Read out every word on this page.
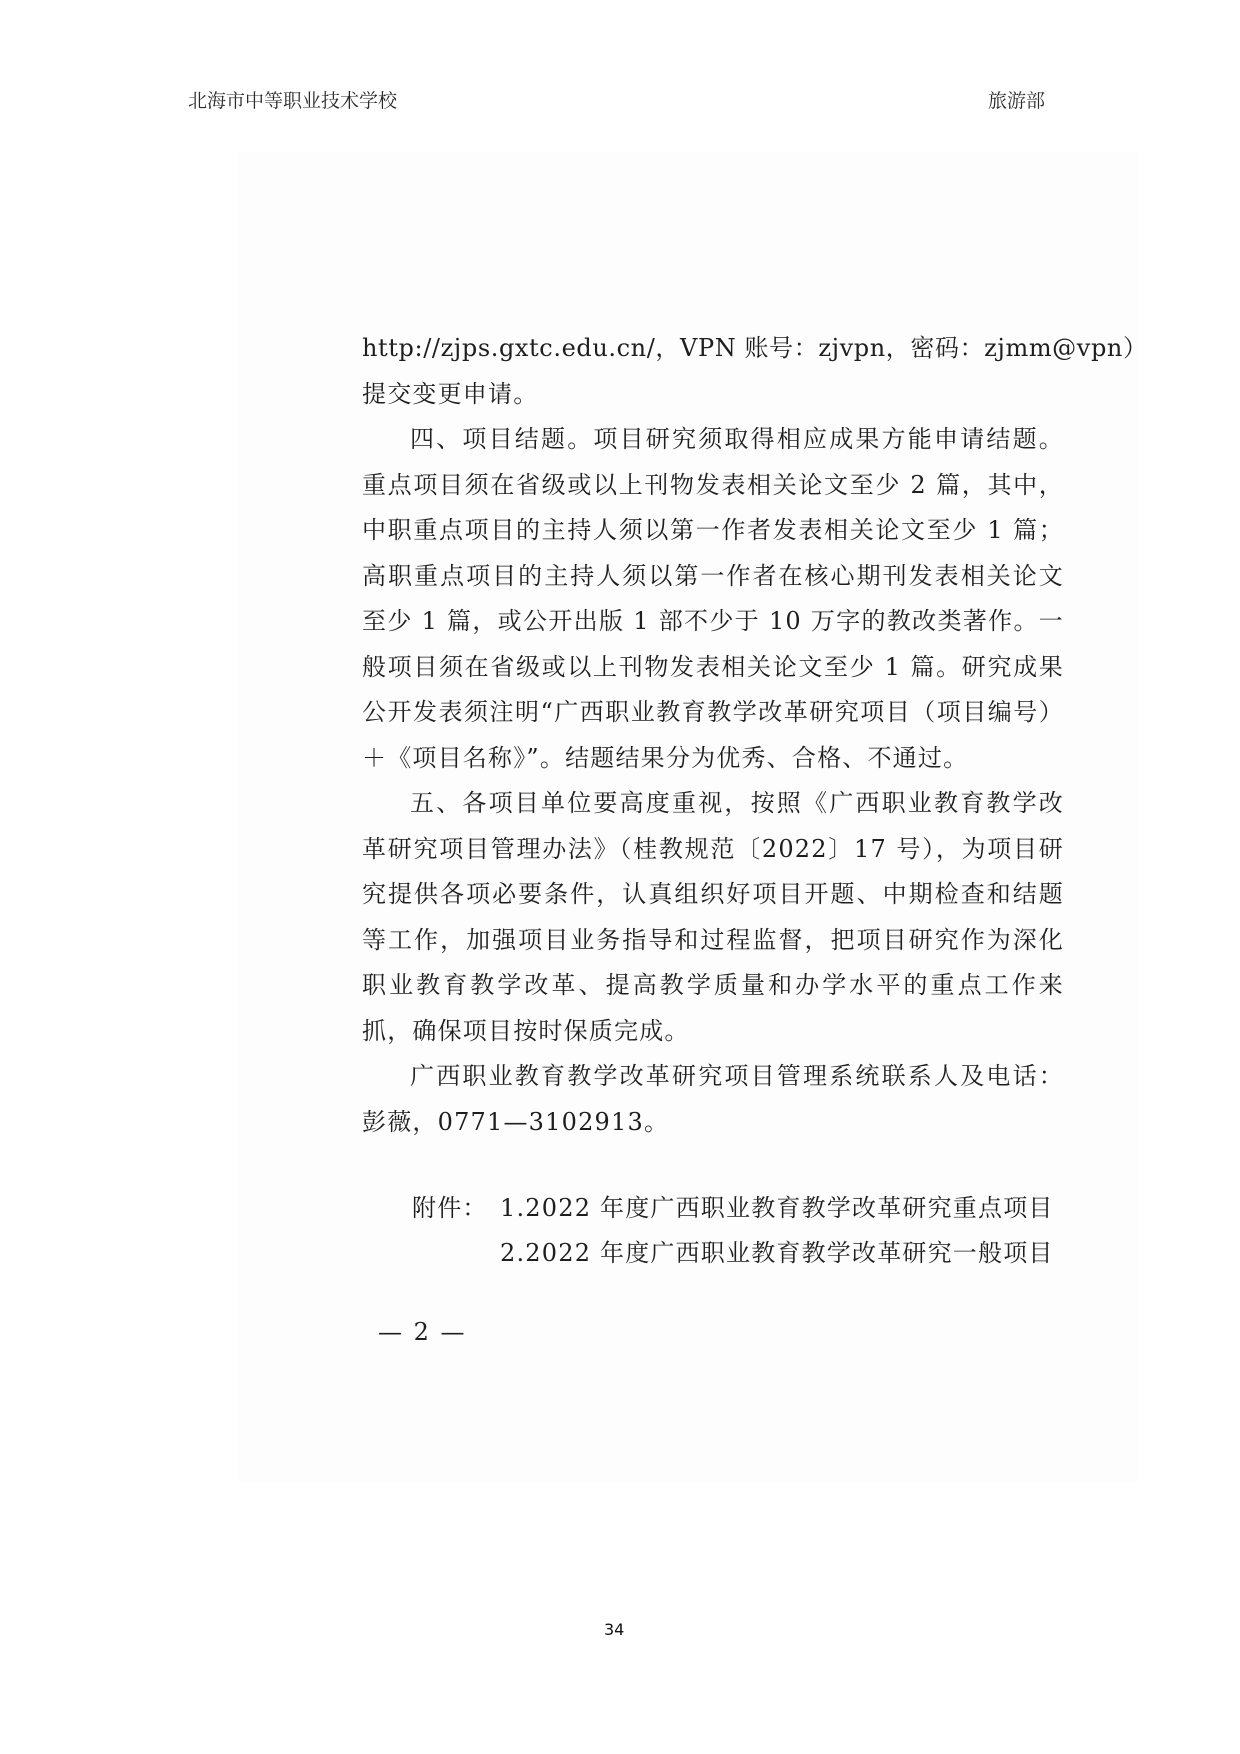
北海市中等职业技术学校	旅游部

http://zjps.gxtc.edu.cn/，VPN 账号：zjvpn，密码：zjmm@vpn）

提交变更申请。

四、项目结题。项目研究须取得相应成果方能申请结题。重点项目须在省级或以上刊物发表相关论文至少 2 篇，其中，中职重点项目的主持人须以第一作者发表相关论文至少 1 篇；高职重点项目的主持人须以第一作者在核心期刊发表相关论文至少 1 篇，或公开出版 1 部不少于 10 万字的教改类著作。一般项目须在省级或以上刊物发表相关论文至少 1 篇。研究成果公开发表须注明“广西职业教育教学改革研究项目（项目编号）＋《项目名称》”。结题结果分为优秀、合格、不通过。

五、各项目单位要高度重视，按照《广西职业教育教学改革研究项目管理办法》（桂教规范〔2022〕17 号），为项目研究提供各项必要条件，认真组织好项目开题、中期检查和结题等工作，加强项目业务指导和过程监督，把项目研究作为深化职业教育教学改革、提高教学质量和办学水平的重点工作来抓，确保项目按时保质完成。

广西职业教育教学改革研究项目管理系统联系人及电话：彭薇，0771—3102913。

附件： 1.2022 年度广西职业教育教学改革研究重点项目
2.2022 年度广西职业教育教学改革研究一般项目
— 2 —
34
